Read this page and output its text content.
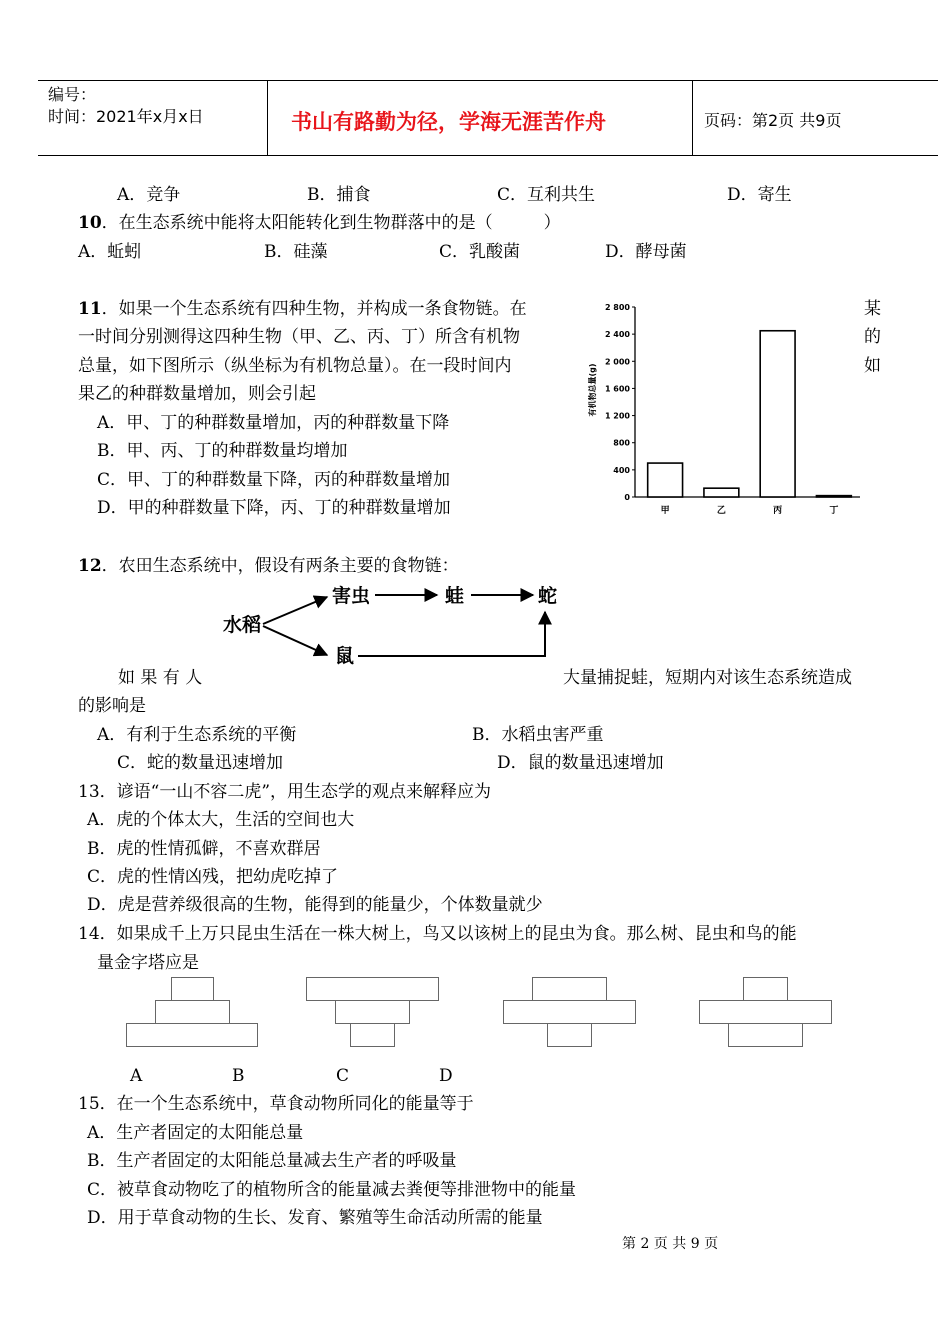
编号：
时间：2021年x月x日	书山有路勤为径，学海无涯苦作舟	页码：第2页 共9页
A．竞争	B．捕食	C．互利共生	D．寄生
10．在生态系统中能将太阳能转化到生物群落中的是（　　　）
A．蚯蚓	B．硅藻	C．乳酸菌	D．酵母菌
11．如果一个生态系统有四种生物，并构成一条食物链。在	某
一时间分别测得这四种生物（甲、乙、丙、丁）所含有机物	的
总量，如下图所示（纵坐标为有机物总量）。在一段时间内	如
果乙的种群数量增加，则会引起
A．甲、丁的种群数量增加，丙的种群数量下降
B．甲、丙、丁的种群数量均增加
C．甲、丁的种群数量下降，丙的种群数量增加
D．甲的种群数量下降，丙、丁的种群数量增加
2 800
2 400
2 000
1 600
1 200
800
400
0
甲	乙	丙	丁
有机物总量(g)
12．农田生态系统中，假设有两条主要的食物链：
水稻
害虫	蛙	蛇
鼠
如 果 有 人	大量捕捉蛙，短期内对该生态系统造成
的影响是
A．有利于生态系统的平衡	B．水稻虫害严重
C．蛇的数量迅速增加	D．鼠的数量迅速增加
13．谚语“一山不容二虎”，用生态学的观点来解释应为
A．虎的个体太大，生活的空间也大
B．虎的性情孤僻，不喜欢群居
C．虎的性情凶残，把幼虎吃掉了
D．虎是营养级很高的生物，能得到的能量少，个体数量就少
14．如果成千上万只昆虫生活在一株大树上，鸟又以该树上的昆虫为食。那么树、昆虫和鸟的能
量金字塔应是
A	B	C	D
15．在一个生态系统中，草食动物所同化的能量等于
A．生产者固定的太阳能总量
B．生产者固定的太阳能总量减去生产者的呼吸量
C．被草食动物吃了的植物所含的能量减去粪便等排泄物中的能量
D．用于草食动物的生长、发育、繁殖等生命活动所需的能量
第 2 页 共 9 页
